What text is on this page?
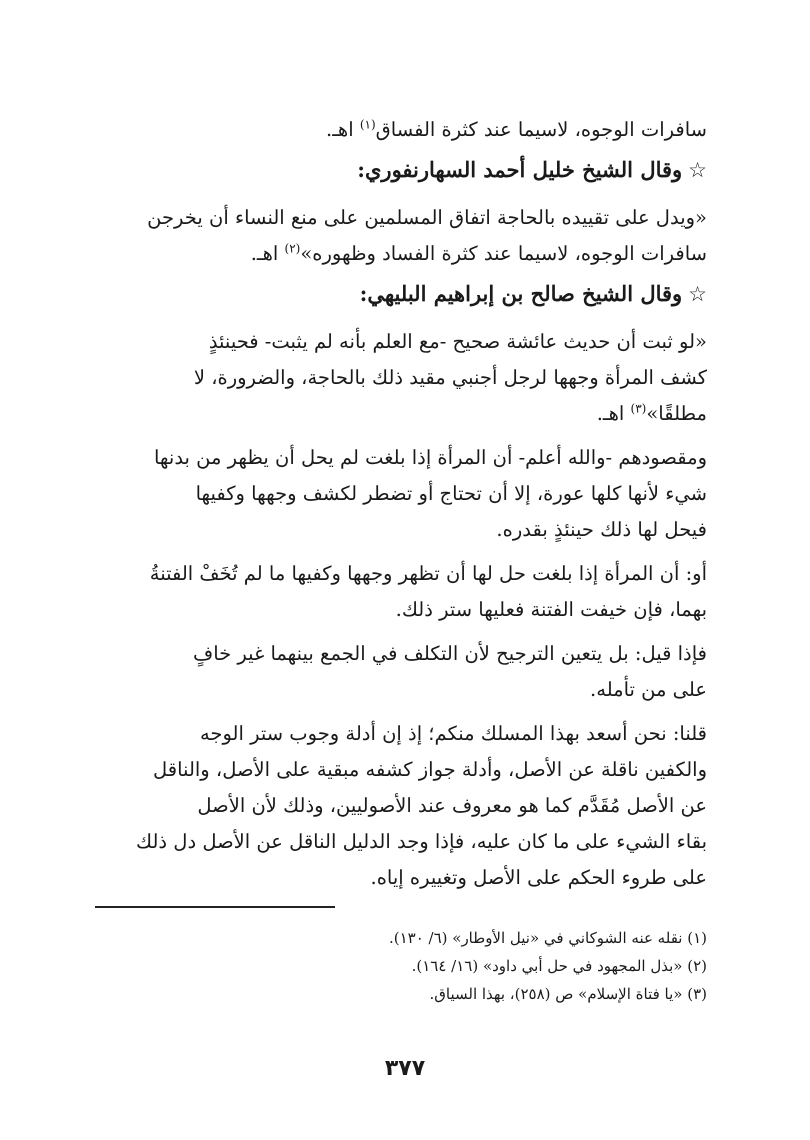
سافرات الوجوه، لاسيما عند كثرة الفساق$^{(١)}$ اهـ.
☆وقال الشيخ خليل أحمد السهارنفوري:
«ويدل على تقييده بالحاجة اتفاق المسلمين على منع النساء أن يخرجن
سافرات الوجوه، لاسيما عند كثرة الفساد وظهوره»$^{(٢)}$ اهـ.
☆وقال الشيخ صالح بن إبراهيم البليهي:
«لو ثبت أن حديث عائشة صحيح -مع العلم بأنه لم يثبت- فحينئذٍ
كشف المرأة وجهها لرجل أجنبي مقيد ذلك بالحاجة، والضرورة، لا
مطلقًا»$^{(٣)}$ اهـ.
ومقصودهم -والله أعلم- أن المرأة إذا بلغت لم يحل أن يظهر من بدنها
شيء لأنها كلها عورة، إلا أن تحتاج أو تضطر لكشف وجهها وكفيها
فيحل لها ذلك حينئذٍ بقدره.
أو: أن المرأة إذا بلغت حل لها أن تظهر وجهها وكفيها ما لم تُخَفْ الفتنةُ
بهما، فإن خيفت الفتنة فعليها ستر ذلك.
فإذا قيل: بل يتعين الترجيح لأن التكلف في الجمع بينهما غير خافٍ
على من تأمله.
قلنا: نحن أسعد بهذا المسلك منكم؛ إذ إن أدلة وجوب ستر الوجه
والكفين ناقلة عن الأصل، وأدلة جواز كشفه مبقية على الأصل، والناقل
عن الأصل مُقَدَّم كما هو معروف عند الأصوليين، وذلك لأن الأصل
بقاء الشيء على ما كان عليه، فإذا وجد الدليل الناقل عن الأصل دل ذلك
على طروء الحكم على الأصل وتغييره إياه.
(١) نقله عنه الشوكاني في «نيل الأوطار» (٦/ ١٣٠).
(٢) «بذل المجهود في حل أبي داود» (١٦/ ١٦٤).
(٣) «يا فتاة الإسلام» ص (٢٥٨)، بهذا السياق.
٣٧٧
